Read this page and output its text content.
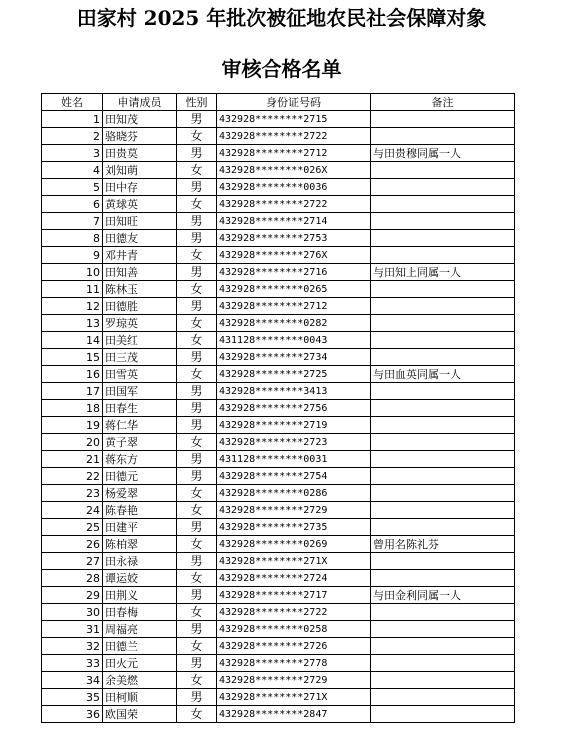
田家村 2025 年批次被征地农民社会保障对象
审核合格名单
姓名	申请成员	性别	身份证号码	备注
1	田知茂	男	432928********2715	
2	骆晓芬	女	432928********2722	
3	田贵莫	男	432928********2712	与田贵穆同属一人
4	刘知萌	女	432928********026X	
5	田中存	男	432928********0036	
6	黄球英	女	432928********2722	
7	田知旺	男	432928********2714	
8	田德友	男	432928********2753	
9	邓井青	女	432928********276X	
10	田知善	男	432928********2716	与田知上同属一人
11	陈林玉	女	432928********0265	
12	田德胜	男	432928********2712	
13	罗琼英	女	432928********0282	
14	田美红	女	431128********0043	
15	田三茂	男	432928********2734	
16	田雪英	女	432928********2725	与田血英同属一人
17	田国军	男	432928********3413	
18	田春生	男	432928********2756	
19	蒋仁华	男	432928********2719	
20	黄子翠	女	432928********2723	
21	蒋东方	男	431128********0031	
22	田德元	男	432928********2754	
23	杨爱翠	女	432928********0286	
24	陈春艳	女	432928********2729	
25	田建平	男	432928********2735	
26	陈柏翠	女	432928********0269	曾用名陈礼芬
27	田永禄	男	432928********271X	
28	谭运姣	女	432928********2724	
29	田荆义	男	432928********2717	与田金利同属一人
30	田春梅	女	432928********2722	
31	周福亮	男	432928********0258	
32	田德兰	女	432928********2726	
33	田火元	男	432928********2778	
34	余美燃	女	432928********2729	
35	田柯顺	男	432928********271X	
36	欧国荣	女	432928********2847	
